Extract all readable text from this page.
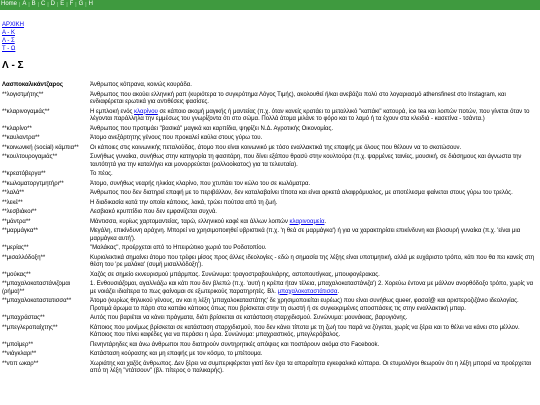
Home | A | B | C | D | E | F | G | H
ΑΡΧΙΚΗ
Α - Κ
Λ - Σ
Τ - Ω
Λ - Σ
Λασποκαλικάντζαρος	Άνθρωπος κόπρανα, κοινώς κουράδα.
**λογιστμήτης**	Άνθρωπος που ακούει ελληνική ραπ (κυριότερα το συγκρότημα Λόγος Τιμής), ακολουθεί ή/και ανεβάζει πολύ στο λογαριασμό athensfinest στο Instagram, και ενδιαφέρεται ερωτικά για αντιθέσεις φασίσες.
**κλαρινογαμιάς**	Η εμπλοκή ενός κλαρίνου σε κάποιο ακομή μαγικής ή μαντείας (π.χ. όταν κανείς κρατάει το μεταλλικό "καπάκι" κατουρά, ice tea και λοιπών ποτών, που γίνεται όταν το λέγονται παράλληλα την εμμέσως του γνωρίζοντα ότι στο σώμα. Πολλά άτομα μιλάνε το φόρο και το λαμό ή τα έχουν στα κλειδιά - κασετίνα - τσάντα.)
**κλαρίνο**	Άνθρωπος που προτιμάει "βασικά" μαγικά και καρπίδια, ψηφίζει Ν.Δ. Αγροτικής Οικονομίας.
**καυλαντρα**	Άτομο ανεξάρτητης γένους που προκαλεί καύλα στους γύρω του.
**κοινωνική (social) κάμπια**	Οι κάποιες στις κοινωνικής πεταλούδας, άτομο που είναι κοινωνικό με τόσο εναλλακτικά της επαφής με όλους που θέλουν να το σκοτώσουν.
**κουλτουρογαμιάς**	Συνήθως γυναίκα, συνήθως στην κατηγορία τη φασιτάρη, που δίνει εξάπου θρασύ στην κουλτούρα (π.χ. ψαρμένες ταινίες, μουσική, σε διάσημους και άγνωστα την ταυτότητά για την καταλήγει και μονορρεύεται (ρολλοοίκατος) για τα τελευταία).
**κρεατόβεργα**	Το πέος.
**κωλοματοργτμητήρι**	Άτομο, συνήθως νεαρής ηλικίας κλαρίνο, που χτυπάει τον κώλο του σε κωλόματρα.
**λαλά**	Άνθρωπος που δεν διατηρεί επαφή με το περιβάλλον, δεν καταλαβαίνει τίποτα και είναι αρκετά αλαφρόμυαλος, με αποτέλεσμα φαίνεται στους γύρω του τρελός.
**λεκέ**	Η διαδικασία κατά την οποία κάποιος, λακά, τρώει πούτσα από τη ζωή.
**λεσβιάκοι**	Λεσβιακό κρυπτίδιο που δεν εμφανίζεται συχνά.
**μάντρα**	Μάντισσα, κυρίως χαρτομαντείας, ταρώ, ελληνικού καφέ και άλλων λοιπών κλαρινοαμεία.
**μαρμάγκα**	Μεγάλη, επικίνδυνη αράχνη. Μπορεί να χρησιμοποιηθεί υβριστικά (π.χ. 'η θεά σε μαρμάγκα') ή για να χαρακτηρίσει επικίνδυνη και βλοσυρή γυναίκα (π.χ. 'είναι μια μαρμάγκα αυτή').
**μερίας**	"Μαλάκας", προέρχεται από το Ηπειρώτικο χωριό του Ροδοτοπίου.
**μισαλλόδοξη**	Κυριολεκτικά σημαίνει άτομο που τρέφει μίσος προς άλλες ιδεολογίες - εδώ η σημασία της λέξης είναι υποτιμητική, αλλά με ευχάριστο τρόπο, κάτι που θα πει κανείς στη θέση του 'ρε μαλάκα' (συμή μισαλλόδοξη').
**μούκας**	Χαζός σε σημείο εκνευρισμού μπάρμπας. Συνώνυμα: τραγοστραβουλιάρης, αστοπουτίγκας, μπουφογέρακας.
**μπαχαλοκαταστάνιζομαι (ρήμα)**
1. Ενθουσιάζομαι, αγαλλιάζω και κάτι που δεν βλεπώ (π.χ. 'αυτή η κρέπα ήταν τέλεια, μπαχαλοκαταστάνιζα') 2. Χορεύω έντονα με μάλλον ανορθόδοξο τρόπο, χωρίς να με νοιάζει ιδιαίτερα το πως φαίνομαι σε εξωτερικούς παρατηρητές. Βλ. μπαχαλοκαταστάτισσα.
**μπαχαλοκαταστατισσα**	Άτομο (κυρίως θηλυκού γένους, αν και η λέξη 'μπαχαλοκαταστάτης' δε χρησιμοποιείται ευρέως) που είναι συνήθως queer, φασαί@ και αριστεροζιζάνιο ιδεολογίας. Προτιμά άρωμα το πάρτι στα καπάκι κάποιος όπως που βρίσκεται στην τη σωστή ή σε συγκεκριμένες αποσπάσεις τις στην εναλλακτική μπαρ.
**μπαχράστας**	Αυτός που βαριέται να κάνει πράγματα, διότι βρίσκεται σε κατάσταση σταρχιδισμού. Συνώνυμα: μουνάκιας, βαρυγιόνης.
**μπεγλεροπαίχτης**	Κάποιος που μονίμως βρίσκεται σε κατάσταση σταρχιδισμού, που δεν κάνει τίποτα με τη ζωή του παρά να ζύγεται, χωρίς να ξέρει και το θέλει να κάνει στο μέλλον. Κάποιος που πίνει καφέδες για να περάσει η ώρα. Συνώνυμα: μπαχραστικός, μπεγλερόβαλος.
**μποϊμερ**	Πενηντάρηδες και άνω άνθρωποι που διατηρούν συντηρητικές απόψεις και ποστάρουν ακόμα στο Facebook.
**νιάγκλαρι**	Κατάσταση κούρασης και μη επαφής με τον κόσμο, το μπέτουμα.
**ντιπ ωκαρ**	Χωριάτης και χαζός άνθρωπος. Δεν ξέρει να συμπεριφέρεται γιατί δεν έχει τα απαραίτητα εγκεφαλικά κύτταρα. Οι ετυμολόγοι θεωρούν ότι η λέξη μπορεί να προέρχεται από τη λέξη "ντάτσουν" (βλ. πίτερος ο παλικαρής).
